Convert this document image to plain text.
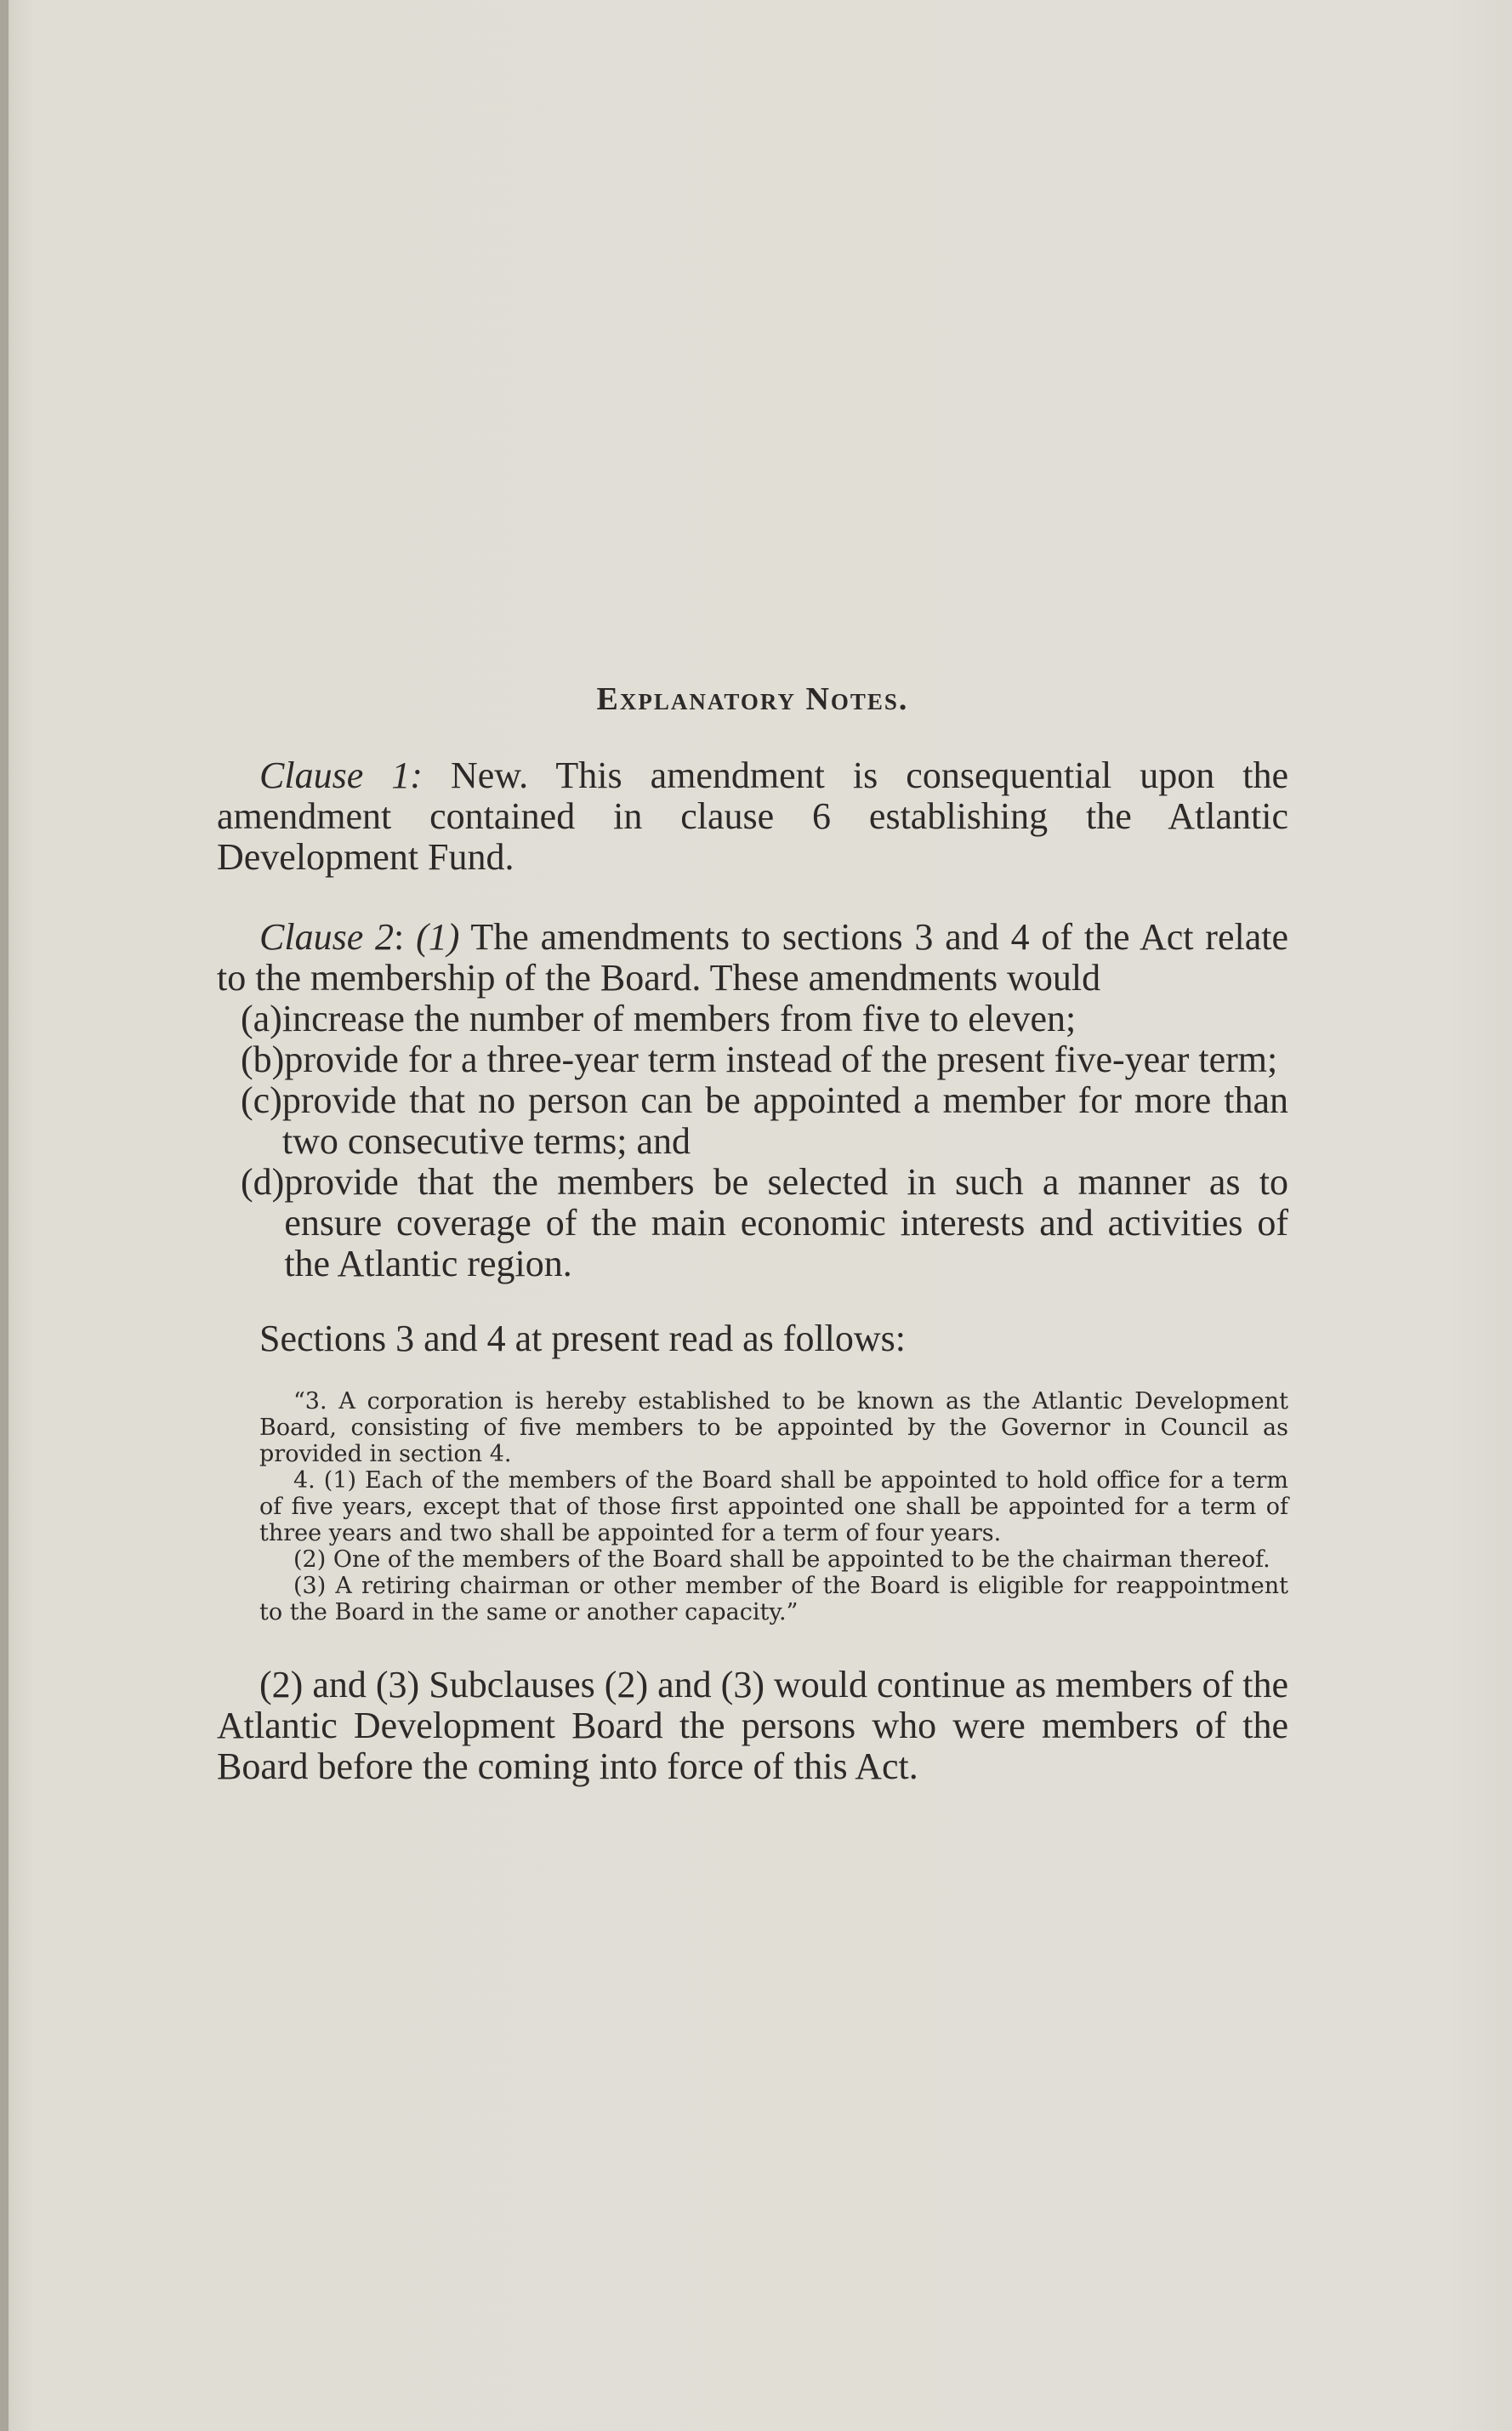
Explanatory Notes.

Clause 1: New. This amendment is consequential upon the amendment contained in clause 6 establishing the Atlantic Development Fund.

Clause 2: (1) The amendments to sections 3 and 4 of the Act relate to the membership of the Board. These amendments would

(a) increase the number of members from five to eleven;
(b) provide for a three-year term instead of the present five-year term;
(c) provide that no person can be appointed a member for more than two consecutive terms; and
(d) provide that the members be selected in such a manner as to ensure coverage of the main economic interests and activities of the Atlantic region.

Sections 3 and 4 at present read as follows:

“3. A corporation is hereby established to be known as the Atlantic Development Board, consisting of five members to be appointed by the Governor in Council as provided in section 4.

4. (1) Each of the members of the Board shall be appointed to hold office for a term of five years, except that of those first appointed one shall be appointed for a term of three years and two shall be appointed for a term of four years.

(2) One of the members of the Board shall be appointed to be the chairman thereof.

(3) A retiring chairman or other member of the Board is eligible for reappointment to the Board in the same or another capacity.”

(2) and (3) Subclauses (2) and (3) would continue as members of the Atlantic Development Board the persons who were members of the Board before the coming into force of this Act.
